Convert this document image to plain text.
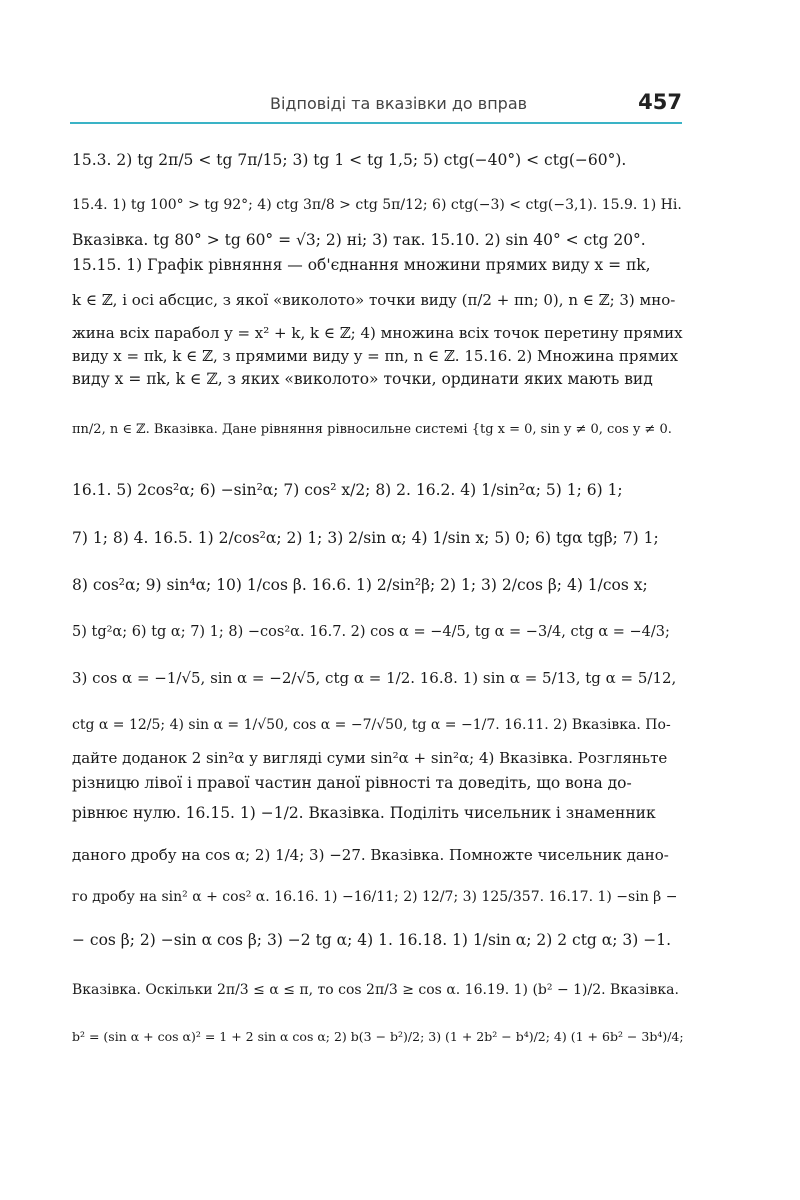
Відповіді та вказівки до вправ	457
15.3. 2) tg 2π/5 < tg 7π/15; 3) tg 1 < tg 1,5; 5) ctg(−40°) < ctg(−60°).
15.4. 1) tg 100° > tg 92°; 4) ctg 3π/8 > ctg 5π/12; 6) ctg(−3) < ctg(−3,1). 15.9. 1) Ні.
Вказівка. tg 80° > tg 60° = √3; 2) ні; 3) так. 15.10. 2) sin 40° < ctg 20°.
15.15. 1) Графік рівняння — об'єднання множини прямих виду x = πk,
k ∈ ℤ, і осі абсцис, з якої «виколото» точки виду (π/2 + πn; 0), n ∈ ℤ; 3) мно-
жина всіх парабол y = x² + k, k ∈ ℤ; 4) множина всіх точок перетину прямих
виду x = πk, k ∈ ℤ, з прямими виду y = πn, n ∈ ℤ. 15.16. 2) Множина прямих
виду x = πk, k ∈ ℤ, з яких «виколото» точки, ординати яких мають вид
πn/2, n ∈ ℤ. Вказівка. Дане рівняння рівносильне системі {tg x = 0, sin y ≠ 0, cos y ≠ 0.
16.1. 5) 2cos²α; 6) −sin²α; 7) cos² x/2; 8) 2. 16.2. 4) 1/sin²α; 5) 1; 6) 1;
7) 1; 8) 4. 16.5. 1) 2/cos²α; 2) 1; 3) 2/sin α; 4) 1/sin x; 5) 0; 6) tgα tgβ; 7) 1;
8) cos²α; 9) sin⁴α; 10) 1/cos β. 16.6. 1) 2/sin²β; 2) 1; 3) 2/cos β; 4) 1/cos x;
5) tg²α; 6) tg α; 7) 1; 8) −cos²α. 16.7. 2) cos α = −4/5, tg α = −3/4, ctg α = −4/3;
3) cos α = −1/√5, sin α = −2/√5, ctg α = 1/2. 16.8. 1) sin α = 5/13, tg α = 5/12,
ctg α = 12/5; 4) sin α = 1/√50, cos α = −7/√50, tg α = −1/7. 16.11. 2) Вказівка. По-
дайте доданок 2 sin²α у вигляді суми sin²α + sin²α; 4) Вказівка. Розгляньте
різницю лівої і правої частин даної рівності та доведіть, що вона до-
рівнює нулю. 16.15. 1) −1/2. Вказівка. Поділіть чисельник і знаменник
даного дробу на cos α; 2) 1/4; 3) −27. Вказівка. Помножте чисельник дано-
го дробу на sin² α + cos² α. 16.16. 1) −16/11; 2) 12/7; 3) 125/357. 16.17. 1) −sin β −
− cos β; 2) −sin α cos β; 3) −2 tg α; 4) 1. 16.18. 1) 1/sin α; 2) 2 ctg α; 3) −1.
Вказівка. Оскільки 2π/3 ≤ α ≤ π, то cos 2π/3 ≥ cos α. 16.19. 1) (b² − 1)/2. Вказівка.
b² = (sin α + cos α)² = 1 + 2 sin α cos α; 2) b(3 − b²)/2; 3) (1 + 2b² − b⁴)/2; 4) (1 + 6b² − 3b⁴)/4;
